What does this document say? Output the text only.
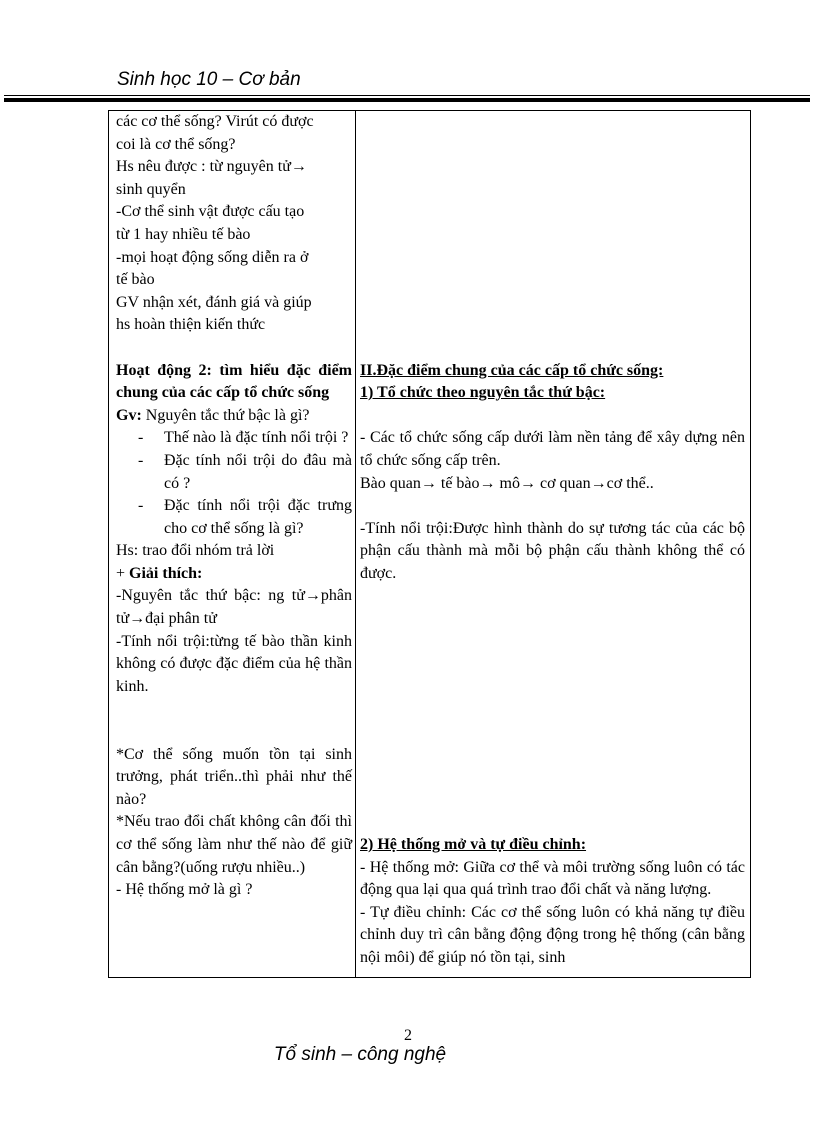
Sinh học 10 – Cơ bản

các cơ thể sống? Virút có được

coi là cơ thể sống?

Hs nêu được : từ nguyên tử→

sinh quyển

-Cơ thể sinh vật được cấu tạo

từ 1 hay nhiều tế bào

-mọi hoạt động sống diễn ra ở

tế bào

GV nhận xét, đánh giá và giúp

hs hoàn thiện kiến thức

Hoạt động 2: tìm hiểu đặc điểm chung của các cấp tổ chức sống

Gv: Nguyên tắc thứ bậc là gì?

- Thế nào là đặc tính nổi trội ?

- Đặc tính nổi trội do đâu mà có ?

- Đặc tính nổi trội đặc trưng cho cơ thể sống là gì?

Hs: trao đổi nhóm trả lời

+ Giải thích:

-Nguyên tắc thứ bậc: ng tử→phân tử→đại phân tử

-Tính nổi trội:từng tế bào thần kinh không có được đặc điểm của hệ thần kinh.

*Cơ thể sống muốn tồn tại sinh trưởng, phát triển..thì phải như thế nào?

*Nếu trao đổi chất không cân đối thì cơ thể sống làm như thế nào để giữ cân bằng?(uống rượu nhiều..)

- Hệ thống mở là gì ?

II.Đặc điểm chung của các cấp tổ chức sống:

1) Tổ chức theo nguyên tắc thứ bậc:

- Các tổ chức sống cấp dưới làm nền tảng để xây dựng nên tổ chức sống cấp trên.

Bào quan→ tế bào→ mô→ cơ quan→cơ thể..

-Tính nổi trội:Được hình thành do sự tương tác của các bộ phận cấu thành mà mỗi bộ phận cấu thành không thể có được.

2) Hệ thống mở và tự điều chỉnh:

- Hệ thống mở: Giữa cơ thể và môi trường sống luôn có tác động qua lại qua quá trình trao đổi chất và năng lượng.

- Tự điều chỉnh: Các cơ thể sống luôn có khả năng tự điều chỉnh duy trì cân bằng động động trong hệ thống (cân bằng nội môi) để giúp nó tồn tại, sinh

2
Tổ sinh – công nghệ
